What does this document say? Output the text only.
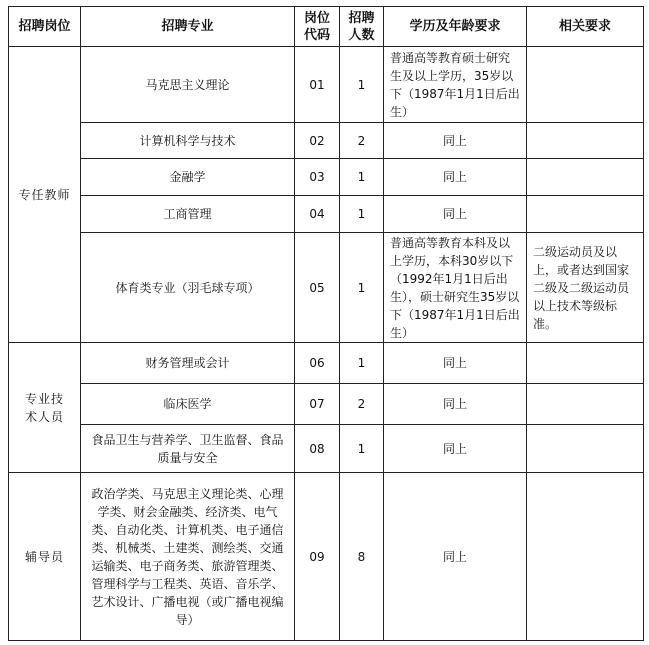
招聘岗位	招聘专业	岗位代码	招聘人数	学历及年龄要求	相关要求
专任教师	马克思主义理论	01	1	普通高等教育硕士研究生及以上学历，35岁以下（1987年1月1日后出生）	
	计算机科学与技术	02	2	同上	
	金融学	03	1	同上	
	工商管理	04	1	同上	
	体育类专业（羽毛球专项）	05	1	普通高等教育本科及以上学历，本科30岁以下（1992年1月1日后出生），硕士研究生35岁以下（1987年1月1日后出生）	二级运动员及以上，或者达到国家二级及二级运动员以上技术等级标准。
专业技术人员	财务管理或会计	06	1	同上	
	临床医学	07	2	同上	
	食品卫生与营养学、卫生监督、食品质量与安全	08	1	同上	
辅导员	政治学类、马克思主义理论类、心理学类、财会金融类、经济类、电气类、自动化类、计算机类、电子通信类、机械类、土建类、测绘类、交通运输类、电子商务类、旅游管理类、管理科学与工程类、英语、音乐学、艺术设计、广播电视（或广播电视编导）	09	8	同上	
